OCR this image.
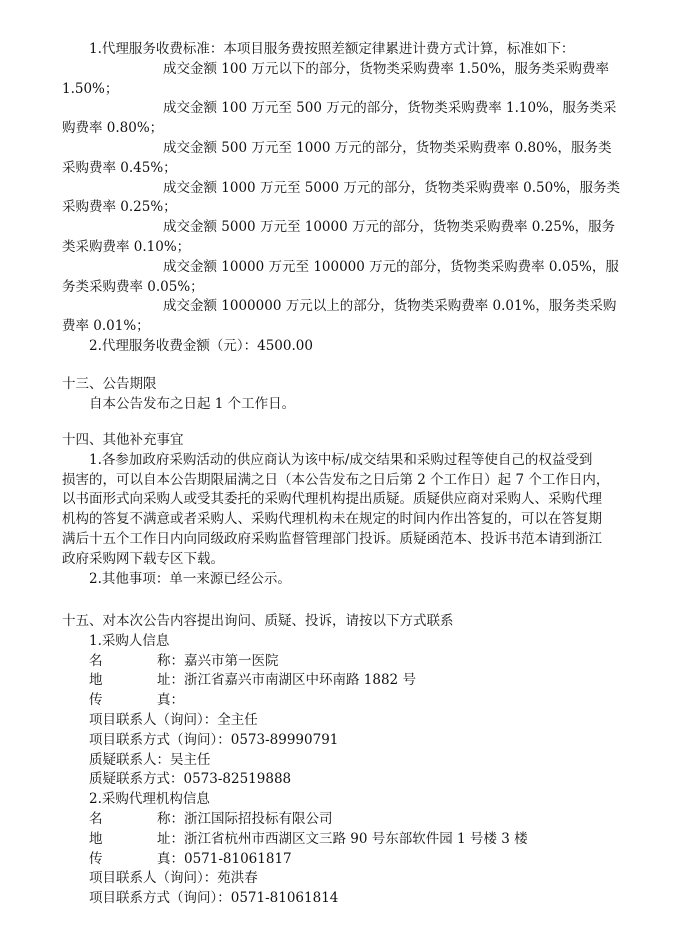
1.代理服务收费标准：本项目服务费按照差额定律累进计费方式计算，标准如下：
成交金额 100 万元以下的部分，货物类采购费率 1.50%，服务类采购费率
1.50%；
成交金额 100 万元至 500 万元的部分，货物类采购费率 1.10%，服务类采
购费率 0.80%；
成交金额 500 万元至 1000 万元的部分，货物类采购费率 0.80%，服务类
采购费率 0.45%；
成交金额 1000 万元至 5000 万元的部分，货物类采购费率 0.50%，服务类
采购费率 0.25%；
成交金额 5000 万元至 10000 万元的部分，货物类采购费率 0.25%，服务
类采购费率 0.10%；
成交金额 10000 万元至 100000 万元的部分，货物类采购费率 0.05%，服
务类采购费率 0.05%；
成交金额 1000000 万元以上的部分，货物类采购费率 0.01%，服务类采购
费率 0.01%；
2.代理服务收费金额（元）：4500.00
十三、公告期限
自本公告发布之日起 1 个工作日。
十四、其他补充事宜
1.各参加政府采购活动的供应商认为该中标/成交结果和采购过程等使自己的权益受到
损害的，可以自本公告期限届满之日（本公告发布之日后第 2 个工作日）起 7 个工作日内，
以书面形式向采购人或受其委托的采购代理机构提出质疑。质疑供应商对采购人、采购代理
机构的答复不满意或者采购人、采购代理机构未在规定的时间内作出答复的，可以在答复期
满后十五个工作日内向同级政府采购监督管理部门投诉。质疑函范本、投诉书范本请到浙江
政府采购网下载专区下载。
2.其他事项：单一来源已经公示。
十五、对本次公告内容提出询问、质疑、投诉，请按以下方式联系
1.采购人信息
名	称：嘉兴市第一医院
地	址：浙江省嘉兴市南湖区中环南路 1882 号
传	真：
项目联系人（询问）：全主任
项目联系方式（询问）：0573-89990791
质疑联系人：吴主任
质疑联系方式：0573-82519888
2.采购代理机构信息
名	称：浙江国际招投标有限公司
地	址：浙江省杭州市西湖区文三路 90 号东部软件园 1 号楼 3 楼
传	真：0571-81061817
项目联系人（询问）：苑洪春
项目联系方式（询问）：0571-81061814
